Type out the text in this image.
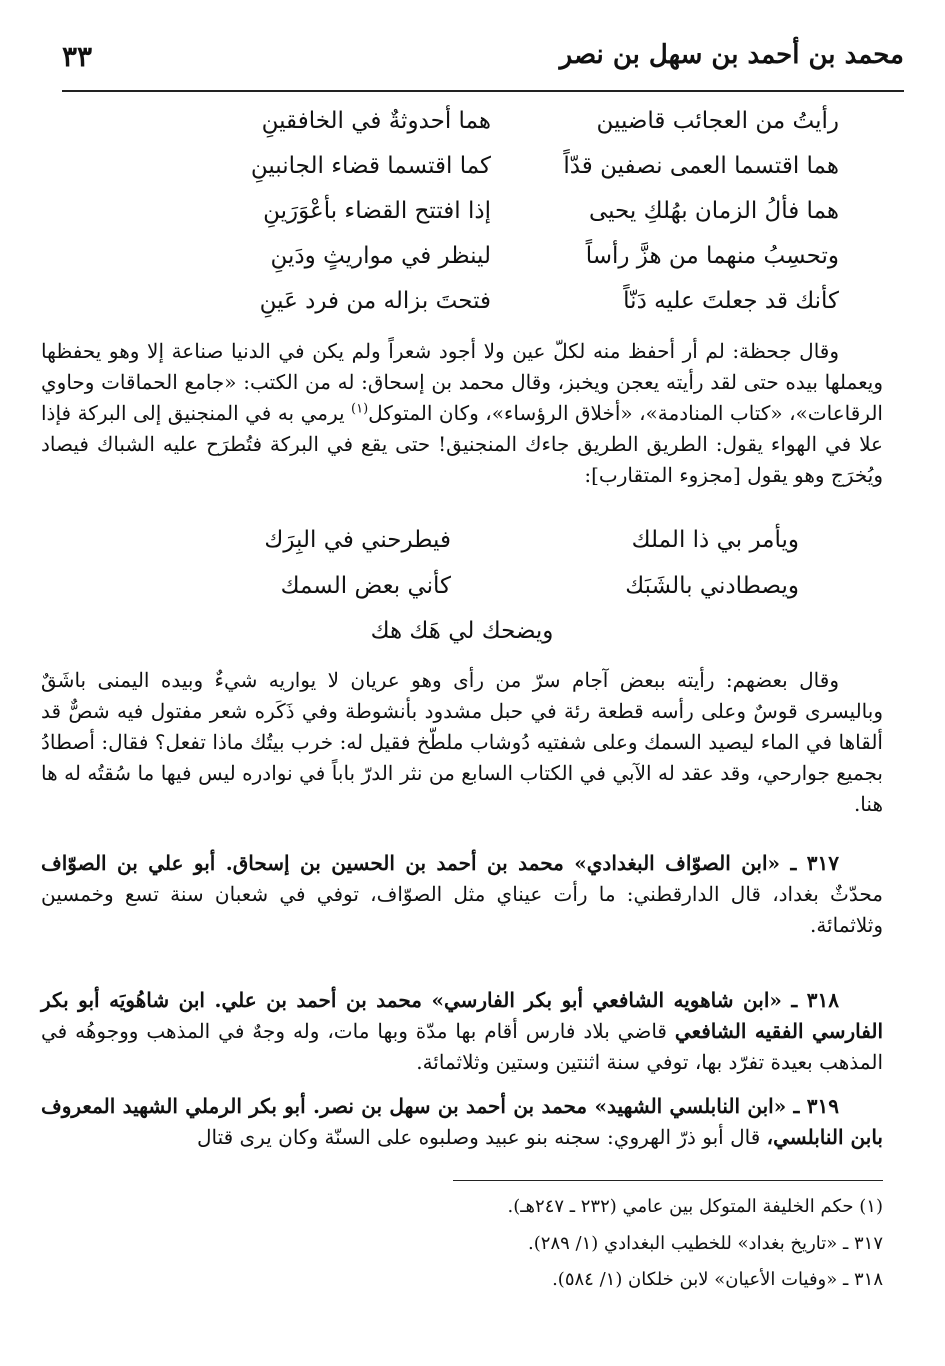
محمد بن أحمد بن سهل بن نصر
٣٣
رأيتُ من العجائب قاضيين
هما أحدوثةٌ في الخافقينِ
هما اقتسما العمى نصفين قدّاً
كما اقتسما قضاء الجانبينِ
هما فألُ الزمان بهُلكِ يحيى
إذا افتتح القضاء بأعْوَرَينِ
وتحسِبُ منهما من هزَّ رأساً
لينظر في مواريثٍ ودَينِ
كأنك قد جعلتَ عليه دَنّاً
فتحتَ بزاله من فرد عَينِ

وقال جحظة: لم أر أحفظ منه لكلّ عين ولا أجود شعراً ولم يكن في الدنيا صناعة إلا وهو يحفظها ويعملها بيده حتى لقد رأيته يعجن ويخبز، وقال محمد بن إسحاق: له من الكتب: «جامع الحماقات وحاوي الرقاعات»، «كتاب المنادمة»، «أخلاق الرؤساء»، وكان المتوكل$^{(١)}$ يرمي به في المنجنيق إلى البركة فإذا علا في الهواء يقول: الطريق الطريق جاءك المنجنيق! حتى يقع في البركة فتُطرَح عليه الشباك فيصاد ويُخرَج وهو يقول [مجزوء المتقارب]:

ويأمر بي ذا الملك
فيطرحني في البِرَك
ويصطادني بالشَبَك
كأني بعض السمك
ويضحك لي هَك هك

وقال بعضهم: رأيته ببعض آجام سرّ من رأى وهو عريان لا يواريه شيءٌ وبيده اليمنى باشَقٌ وباليسرى قوسٌ وعلى رأسه قطعة رئة في حبل مشدود بأنشوطة وفي ذَكَره شعر مفتول فيه شصٌّ قد ألقاها في الماء ليصيد السمك وعلى شفتيه دُوشاب ملطّخ فقيل له: خرب بيتُك ماذا تفعل؟ فقال: أصطادُ بجميع جوارحي، وقد عقد له الآبي في الكتاب السابع من نثر الدرّ باباً في نوادره ليس فيها ما سُقتُه له ها هنا.

٣١٧ ـ «ابن الصوّاف البغدادي» محمد بن أحمد بن الحسين بن إسحاق. أبو علي بن الصوّاف محدّثٌ بغداد، قال الدارقطني: ما رأت عيناي مثل الصوّاف، توفي في شعبان سنة تسع وخمسين وثلاثمائة.

٣١٨ ـ «ابن شاهويه الشافعي أبو بكر الفارسي» محمد بن أحمد بن علي. ابن شاهُويَه أبو بكر الفارسي الفقيه الشافعي قاضي بلاد فارس أقام بها مدّة وبها مات، وله وجهٌ في المذهب ووجوهُه في المذهب بعيدة تفرّد بها، توفي سنة اثنتين وستين وثلاثمائة.

٣١٩ ـ «ابن النابلسي الشهيد» محمد بن أحمد بن سهل بن نصر. أبو بكر الرملي الشهيد المعروف بابن النابلسي، قال أبو ذرّ الهروي: سجنه بنو عبيد وصلبوه على السنّة وكان يرى قتال

(١) حكم الخليفة المتوكل بين عامي (٢٣٢ ـ ٢٤٧هـ).
٣١٧ ـ «تاريخ بغداد» للخطيب البغدادي (١/ ٢٨٩).
٣١٨ ـ «وفيات الأعيان» لابن خلكان (١/ ٥٨٤).
